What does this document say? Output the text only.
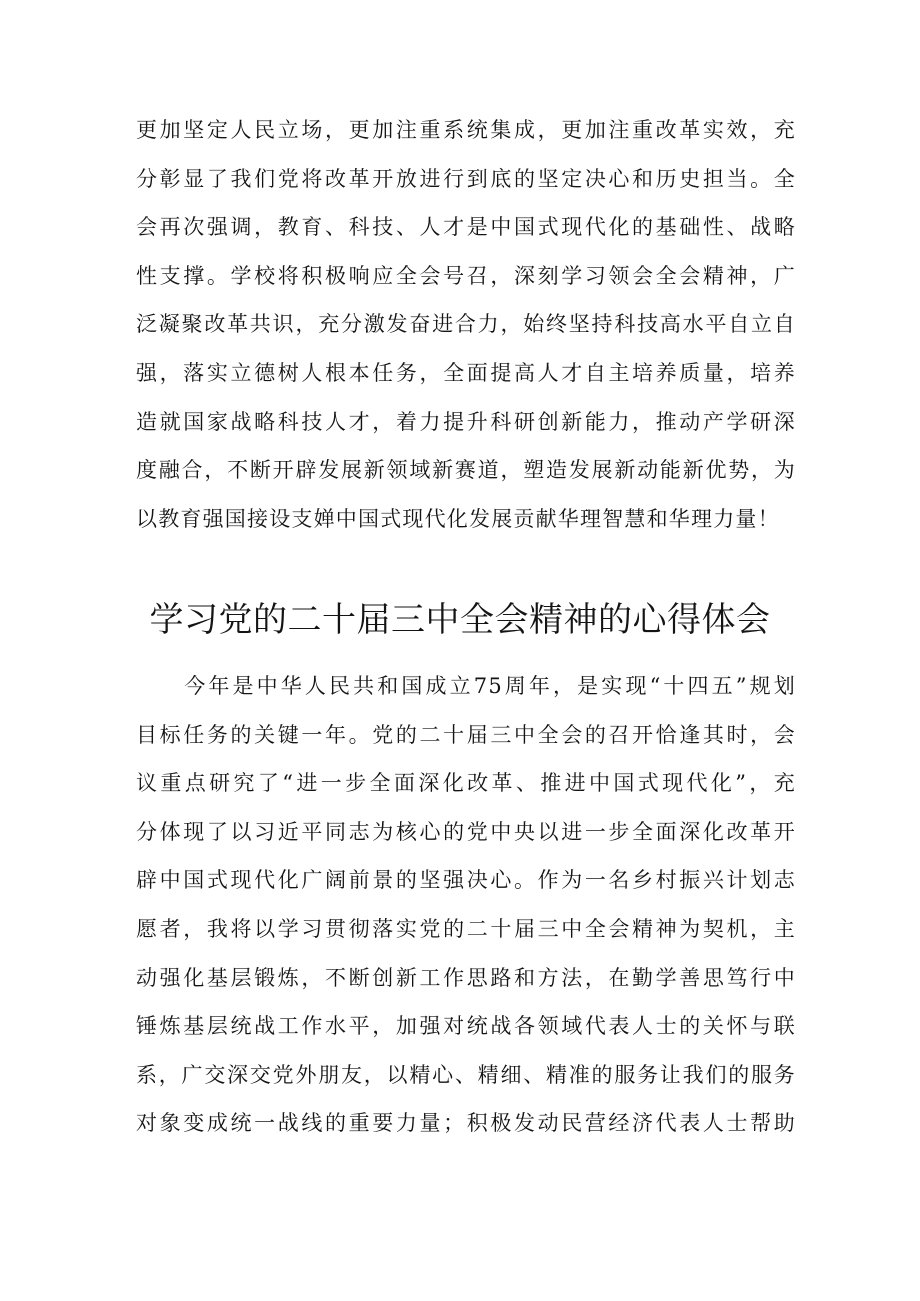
更加坚定人民立场，更加注重系统集成，更加注重改革实效，充
分彰显了我们党将改革开放进行到底的坚定决心和历史担当。全
会再次强调，教育、科技、人才是中国式现代化的基础性、战略
性支撑。学校将积极响应全会号召，深刻学习领会全会精神，广
泛凝聚改革共识，充分激发奋进合力，始终坚持科技高水平自立自
强，落实立德树人根本任务，全面提高人才自主培养质量，培养
造就国家战略科技人才，着力提升科研创新能力，推动产学研深
度融合，不断开辟发展新领域新赛道，塑造发展新动能新优势，为
以教育强国接设支婵中国式现代化发展贡献华理智慧和华理力量！
学习党的二十届三中全会精神的心得体会
　　今年是中华人民共和国成立75周年，是实现“十四五”规划
目标任务的关键一年。党的二十届三中全会的召开恰逢其时，会
议重点研究了“进一步全面深化改革、推进中国式现代化”，充
分体现了以习近平同志为核心的党中央以进一步全面深化改革开
辟中国式现代化广阔前景的坚强决心。作为一名乡村振兴计划志
愿者，我将以学习贯彻落实党的二十届三中全会精神为契机，主
动强化基层锻炼，不断创新工作思路和方法，在勤学善思笃行中
锤炼基层统战工作水平，加强对统战各领域代表人士的关怀与联
系，广交深交党外朋友，以精心、精细、精准的服务让我们的服务
对象变成统一战线的重要力量；积极发动民营经济代表人士帮助
